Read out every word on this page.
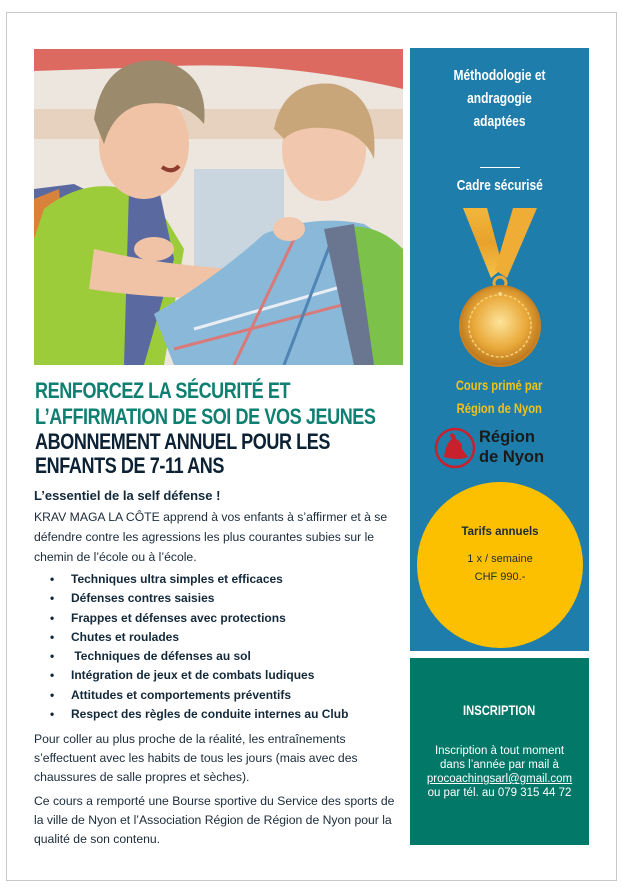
RENFORCEZ LA SÉCURITÉ ET
L’AFFIRMATION DE SOI DE VOS JEUNES
ABONNEMENT ANNUEL POUR LES
ENFANTS DE 7-11 ANS
L’essentiel de la self défense !

KRAV MAGA LA CÔTE apprend à vos enfants à s’affirmer et à se défendre contre les agressions les plus courantes subies sur le chemin de l’école ou à l’école.

• Techniques ultra simples et efficaces
• Défenses contres saisies
• Frappes et défenses avec protections
• Chutes et roulades
•  Techniques de défenses au sol
• Intégration de jeux et de combats ludiques
• Attitudes et comportements préventifs
• Respect des règles de conduite internes au Club

Pour coller au plus proche de la réalité, les entraînements s’effectuent avec les habits de tous les jours (mais avec des chaussures de salle propres et sèches).

Ce cours a remporté une Bourse sportive du Service des sports de la ville de Nyon et l’Association Région de Région de Nyon pour la qualité de son contenu.

Méthodologie et
andragogie
adaptées
Cadre sécurisé
★
Cours primé par
Région de Nyon
Région
de Nyon
Tarifs annuels
1 x / semaine
CHF 990.-
INSCRIPTION
Inscription à tout moment
dans l’année par mail à
procoachingsarl@gmail.com
ou par tél. au 079 315 44 72
